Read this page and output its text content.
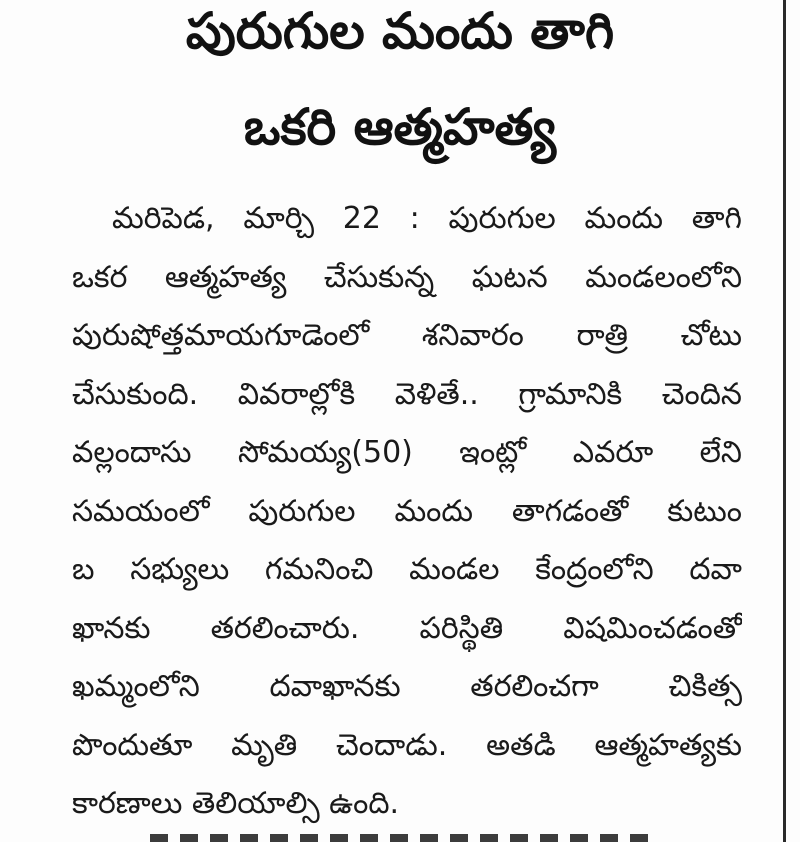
పురుగుల మందు తాగి
ఒకరి ఆత్మహత్య
మరిపెడ, మార్చి 22 : పురుగుల మందు తాగి
ఒకర ఆత్మహత్య చేసుకున్న ఘటన మండలంలోని
పురుషోత్తమాయగూడెంలో శనివారం రాత్రి చోటు
చేసుకుంది. వివరాల్లోకి వెళితే.. గ్రామానికి చెందిన
వల్లందాసు సోమయ్య(50) ఇంట్లో ఎవరూ లేని
సమయంలో పురుగుల మందు తాగడంతో కుటుం
బ సభ్యులు గమనించి మండల కేంద్రంలోని దవా
ఖానకు తరలించారు. పరిస్థితి విషమించడంతో
ఖమ్మంలోని దవాఖానకు తరలించగా చికిత్స
పొందుతూ మృతి చెందాడు. అతడి ఆత్మహత్యకు
కారణాలు తెలియాల్సి ఉంది.
